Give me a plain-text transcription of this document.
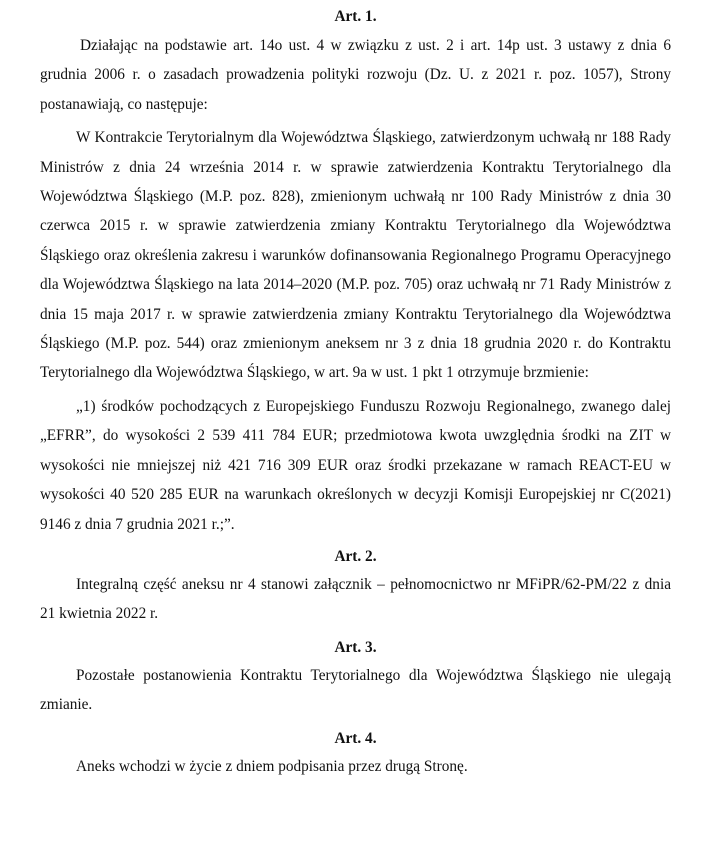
Art. 1.

Działając na podstawie art. 14o ust. 4 w związku z ust. 2 i art. 14p ust. 3 ustawy z dnia 6 grudnia 2006 r. o zasadach prowadzenia polityki rozwoju (Dz. U. z 2021 r. poz. 1057), Strony postanawiają, co następuje:

W Kontrakcie Terytorialnym dla Województwa Śląskiego, zatwierdzonym uchwałą nr 188 Rady Ministrów z dnia 24 września 2014 r. w sprawie zatwierdzenia Kontraktu Terytorialnego dla Województwa Śląskiego (M.P. poz. 828), zmienionym uchwałą nr 100 Rady Ministrów z dnia 30 czerwca 2015 r. w sprawie zatwierdzenia zmiany Kontraktu Terytorialnego dla Województwa Śląskiego oraz określenia zakresu i warunków dofinansowania Regionalnego Programu Operacyjnego dla Województwa Śląskiego na lata 2014–2020 (M.P. poz. 705) oraz uchwałą nr 71 Rady Ministrów z dnia 15 maja 2017 r. w sprawie zatwierdzenia zmiany Kontraktu Terytorialnego dla Województwa Śląskiego (M.P. poz. 544) oraz zmienionym aneksem nr 3 z dnia 18 grudnia 2020 r. do Kontraktu Terytorialnego dla Województwa Śląskiego, w art. 9a w ust. 1 pkt 1 otrzymuje brzmienie:

„1) środków pochodzących z Europejskiego Funduszu Rozwoju Regionalnego, zwanego dalej „EFRR”, do wysokości 2 539 411 784 EUR; przedmiotowa kwota uwzględnia środki na ZIT w wysokości nie mniejszej niż 421 716 309 EUR oraz środki przekazane w ramach REACT-EU w wysokości 40 520 285 EUR na warunkach określonych w decyzji Komisji Europejskiej nr C(2021) 9146 z dnia 7 grudnia 2021 r.;”.

Art. 2.

Integralną część aneksu nr 4 stanowi załącznik – pełnomocnictwo nr MFiPR/62-PM/22 z dnia 21 kwietnia 2022 r.

Art. 3.

Pozostałe postanowienia Kontraktu Terytorialnego dla Województwa Śląskiego nie ulegają zmianie.

Art. 4.

Aneks wchodzi w życie z dniem podpisania przez drugą Stronę.
